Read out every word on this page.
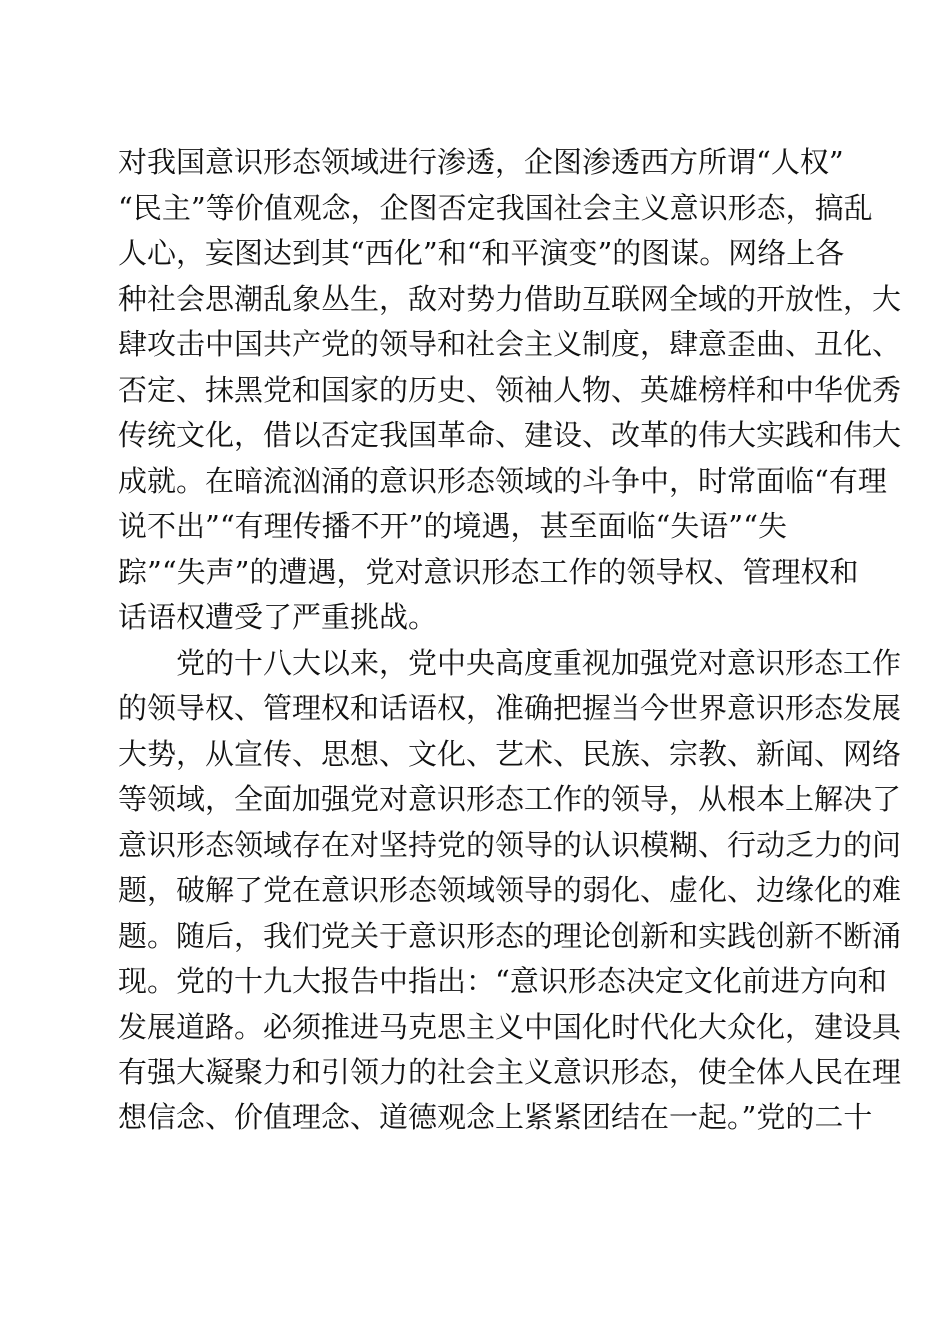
对我国意识形态领域进行渗透，企图渗透西方所谓“人权”
“民主”等价值观念，企图否定我国社会主义意识形态，搞乱
人心，妄图达到其“西化”和“和平演变”的图谋。网络上各
种社会思潮乱象丛生，敌对势力借助互联网全域的开放性，大
肆攻击中国共产党的领导和社会主义制度，肆意歪曲、丑化、
否定、抹黑党和国家的历史、领袖人物、英雄榜样和中华优秀
传统文化，借以否定我国革命、建设、改革的伟大实践和伟大
成就。在暗流汹涌的意识形态领域的斗争中，时常面临“有理
说不出”“有理传播不开”的境遇，甚至面临“失语”“失
踪”“失声”的遭遇，党对意识形态工作的领导权、管理权和
话语权遭受了严重挑战。
党的十八大以来，党中央高度重视加强党对意识形态工作
的领导权、管理权和话语权，准确把握当今世界意识形态发展
大势，从宣传、思想、文化、艺术、民族、宗教、新闻、网络
等领域，全面加强党对意识形态工作的领导，从根本上解决了
意识形态领域存在对坚持党的领导的认识模糊、行动乏力的问
题，破解了党在意识形态领域领导的弱化、虚化、边缘化的难
题。随后，我们党关于意识形态的理论创新和实践创新不断涌
现。党的十九大报告中指出：“意识形态决定文化前进方向和
发展道路。必须推进马克思主义中国化时代化大众化，建设具
有强大凝聚力和引领力的社会主义意识形态，使全体人民在理
想信念、价值理念、道德观念上紧紧团结在一起。”党的二十
